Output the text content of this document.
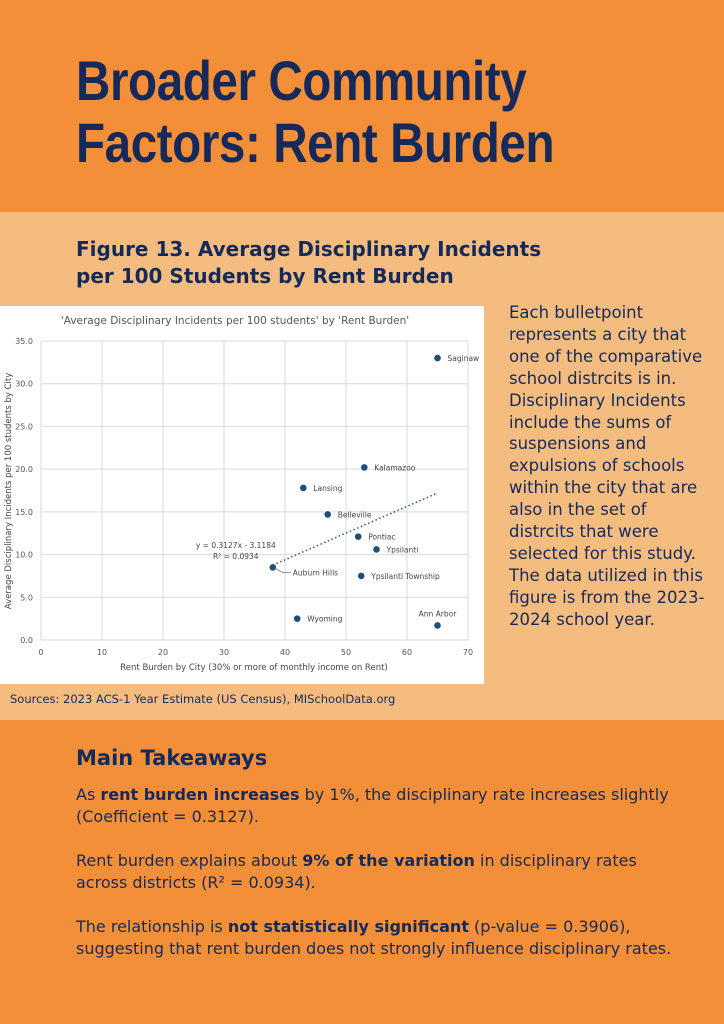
Broader Community
Factors: Rent Burden
Figure 13. Average Disciplinary Incidents
per 100 Students by Rent Burden
'Average Disciplinary Incidents per 100 students' by 'Rent Burden'
0.0
5.0
10.0
15.0
20.0
25.0
30.0
35.0
0	10	20	30	40	50	60	70
y = 0.3127x - 3.1184
R² = 0.0934
Saginaw
Kalamazoo
Lansing
Belleville
Pontiac
Ypsilanti
Auburn Hills	Ypsilanti Township
Wyoming
Ann Arbor
Rent Burden by City (30% or more of monthly income on Rent)
Average Disciplinary Incidents per 100 students by City

Each bulletpoint represents a city that one of the comparative school distrcits is in. Disciplinary Incidents include the sums of suspensions and expulsions of schools within the city that are also in the set of distrcits that were selected for this study. The data utilized in this figure is from the 2023-2024 school year.

Sources: 2023 ACS-1 Year Estimate (US Census), MISchoolData.org

Main Takeaways

As rent burden increases by 1%, the disciplinary rate increases slightly (Coefficient = 0.3127).

Rent burden explains about 9% of the variation in disciplinary rates across districts (R² = 0.0934).

The relationship is not statistically significant (p-value = 0.3906), suggesting that rent burden does not strongly influence disciplinary rates.
